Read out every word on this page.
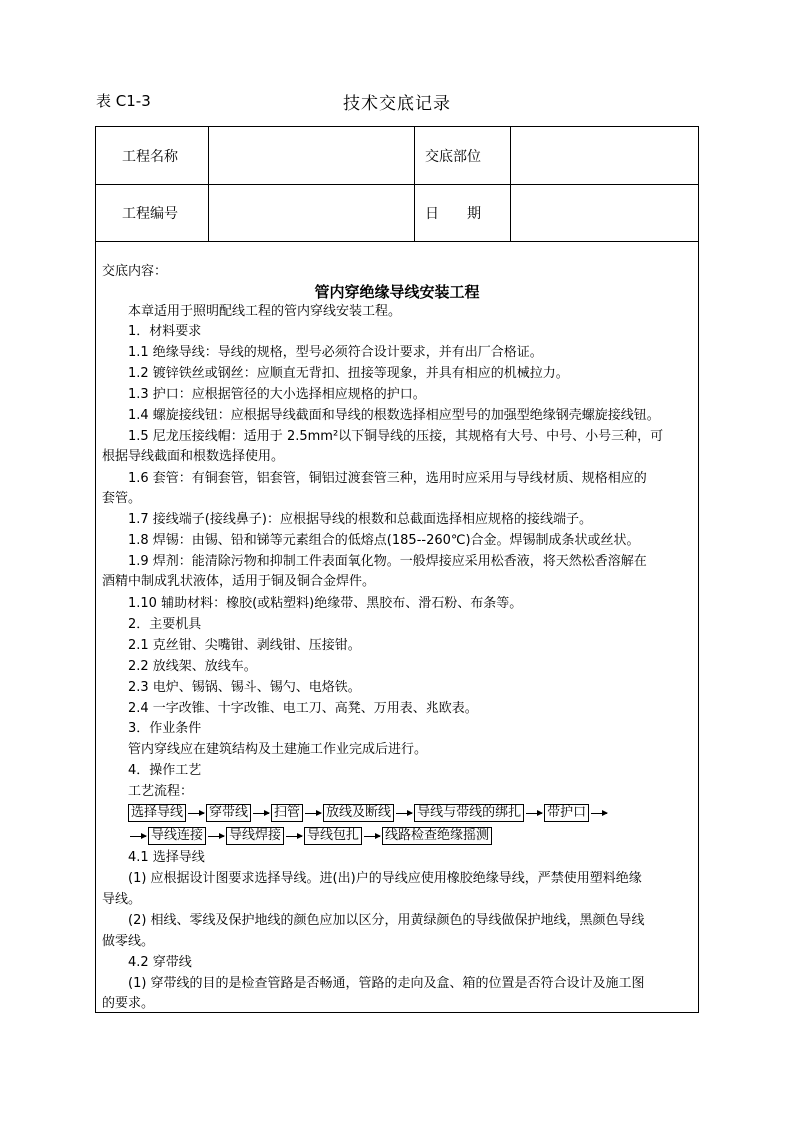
表 C1-3	技术交底记录
工程名称	交底部位
工程编号	日　　期
交底内容：
管内穿绝缘导线安装工程
本章适用于照明配线工程的管内穿线安装工程。
1．材料要求
1.1 绝缘导线：导线的规格，型号必须符合设计要求，并有出厂合格证。
1.2 镀锌铁丝或钢丝：应顺直无背扣、扭接等现象，并具有相应的机械拉力。
1.3 护口：应根据管径的大小选择相应规格的护口。
1.4 螺旋接线钮：应根据导线截面和导线的根数选择相应型号的加强型绝缘钢壳螺旋接线钮。
1.5 尼龙压接线帽：适用于 2.5mm²以下铜导线的压接，其规格有大号、中号、小号三种，可
根据导线截面和根数选择使用。
1.6 套管：有铜套管，铝套管，铜铝过渡套管三种，选用时应采用与导线材质、规格相应的
套管。
1.7 接线端子(接线鼻子)：应根据导线的根数和总截面选择相应规格的接线端子。
1.8 焊锡：由锡、铅和锑等元素组合的低熔点(185--260℃)合金。焊锡制成条状或丝状。
1.9 焊剂：能清除污物和抑制工件表面氧化物。一般焊接应采用松香液，将天然松香溶解在
酒精中制成乳状液体，适用于铜及铜合金焊件。
1.10 辅助材料：橡胶(或粘塑料)绝缘带、黑胶布、滑石粉、布条等。
2．主要机具
2.1 克丝钳、尖嘴钳、剥线钳、压接钳。
2.2 放线架、放线车。
2.3 电炉、锡锅、锡斗、锡勺、电烙铁。
2.4 一字改锥、十字改锥、电工刀、高凳、万用表、兆欧表。
3．作业条件
管内穿线应在建筑结构及土建施工作业完成后进行。
4．操作工艺
工艺流程：
选择导线 穿带线 扫管 放线及断线 导线与带线的绑扎 带护口
导线连接 导线焊接 导线包扎 线路检查绝缘摇测
4.1 选择导线
(1) 应根据设计图要求选择导线。进(出)户的导线应使用橡胶绝缘导线，严禁使用塑料绝缘
导线。
(2) 相线、零线及保护地线的颜色应加以区分，用黄绿颜色的导线做保护地线，黑颜色导线
做零线。
4.2 穿带线
(1) 穿带线的目的是检查管路是否畅通，管路的走向及盒、箱的位置是否符合设计及施工图
的要求。
